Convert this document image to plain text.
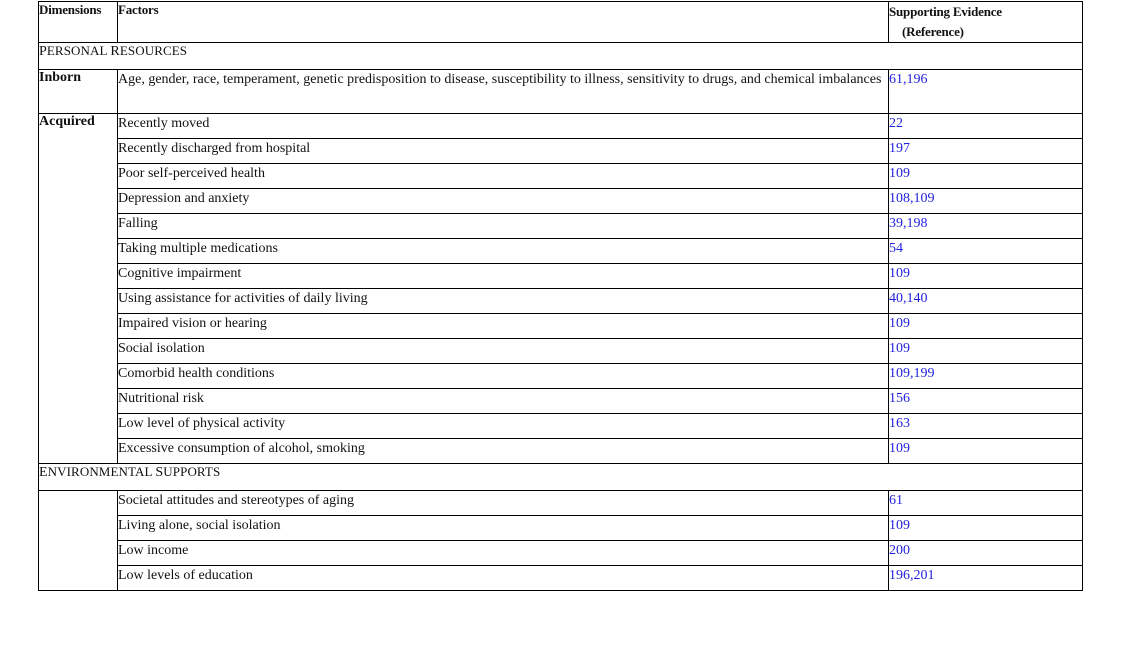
Dimensions	Factors	Supporting Evidence
(Reference)
PERSONAL RESOURCES		
Inborn	Age, gender, race, temperament, genetic predisposition to disease, susceptibility to illness, sensitivity to drugs, and chemical imbalances	61,196
Acquired	Recently moved	22
	Recently discharged from hospital	197
	Poor self-perceived health	109
	Depression and anxiety	108,109
	Falling	39,198
	Taking multiple medications	54
	Cognitive impairment	109
	Using assistance for activities of daily living	40,140
	Impaired vision or hearing	109
	Social isolation	109
	Comorbid health conditions	109,199
	Nutritional risk	156
	Low level of physical activity	163
	Excessive consumption of alcohol, smoking	109
ENVIRONMENTAL SUPPORTS		
	Societal attitudes and stereotypes of aging	61
	Living alone, social isolation	109
	Low income	200
	Low levels of education	196,201
